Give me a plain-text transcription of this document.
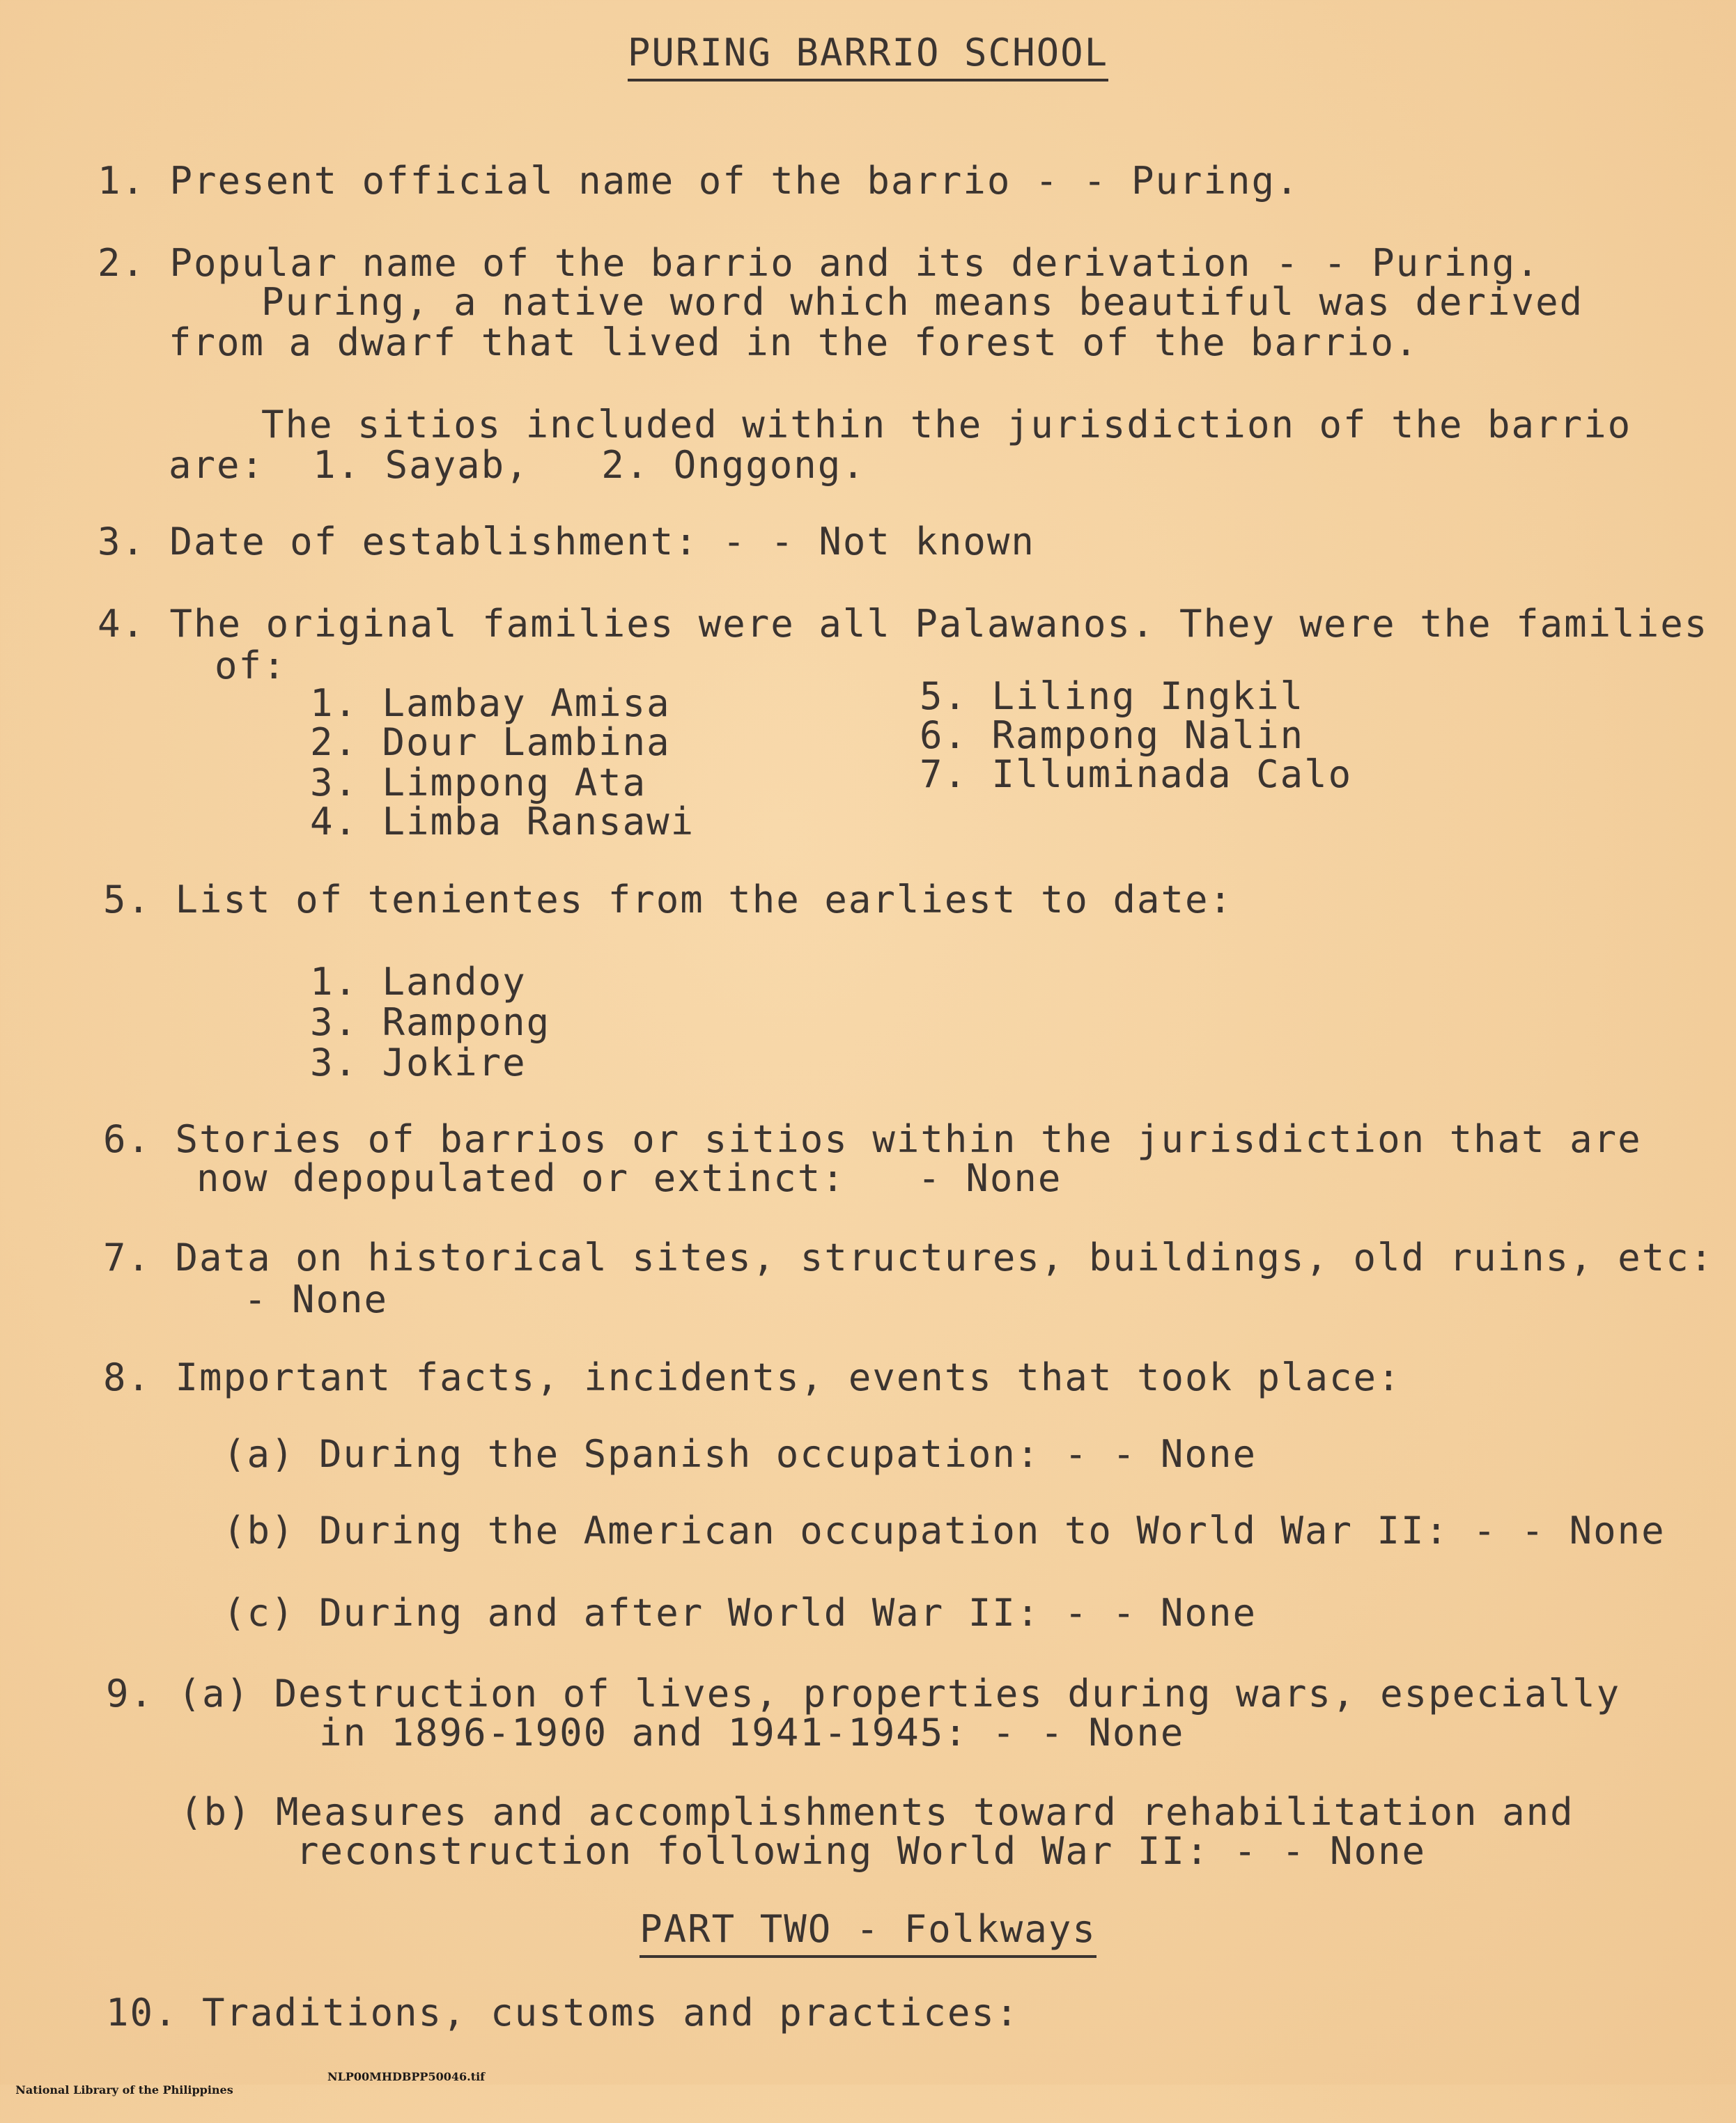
PURING BARRIO SCHOOL
1. Present official name of the barrio - - Puring.
2. Popular name of the barrio and its derivation - - Puring.
Puring, a native word which means beautiful was derived
from a dwarf that lived in the forest of the barrio.
The sitios included within the jurisdiction of the barrio
are:  1. Sayab,   2. Onggong.
3. Date of establishment: - - Not known
4. The original families were all Palawanos. They were the families
of:
1. Lambay Amisa
2. Dour Lambina
3. Limpong Ata
4. Limba Ransawi
5. Liling Ingkil
6. Rampong Nalin
7. Illuminada Calo
5. List of tenientes from the earliest to date:
1. Landoy
3. Rampong
3. Jokire
6. Stories of barrios or sitios within the jurisdiction that are
now depopulated or extinct:   - None
7. Data on historical sites, structures, buildings, old ruins, etc:
- None
8. Important facts, incidents, events that took place:
(a) During the Spanish occupation: - - None
(b) During the American occupation to World War II: - - None
(c) During and after World War II: - - None
9. (a) Destruction of lives, properties during wars, especially
in 1896-1900 and 1941-1945: - - None
(b) Measures and accomplishments toward rehabilitation and
reconstruction following World War II: - - None
PART TWO - Folkways
10. Traditions, customs and practices:

National Library of the Philippines

NLP00MHDBPP50046.tif
